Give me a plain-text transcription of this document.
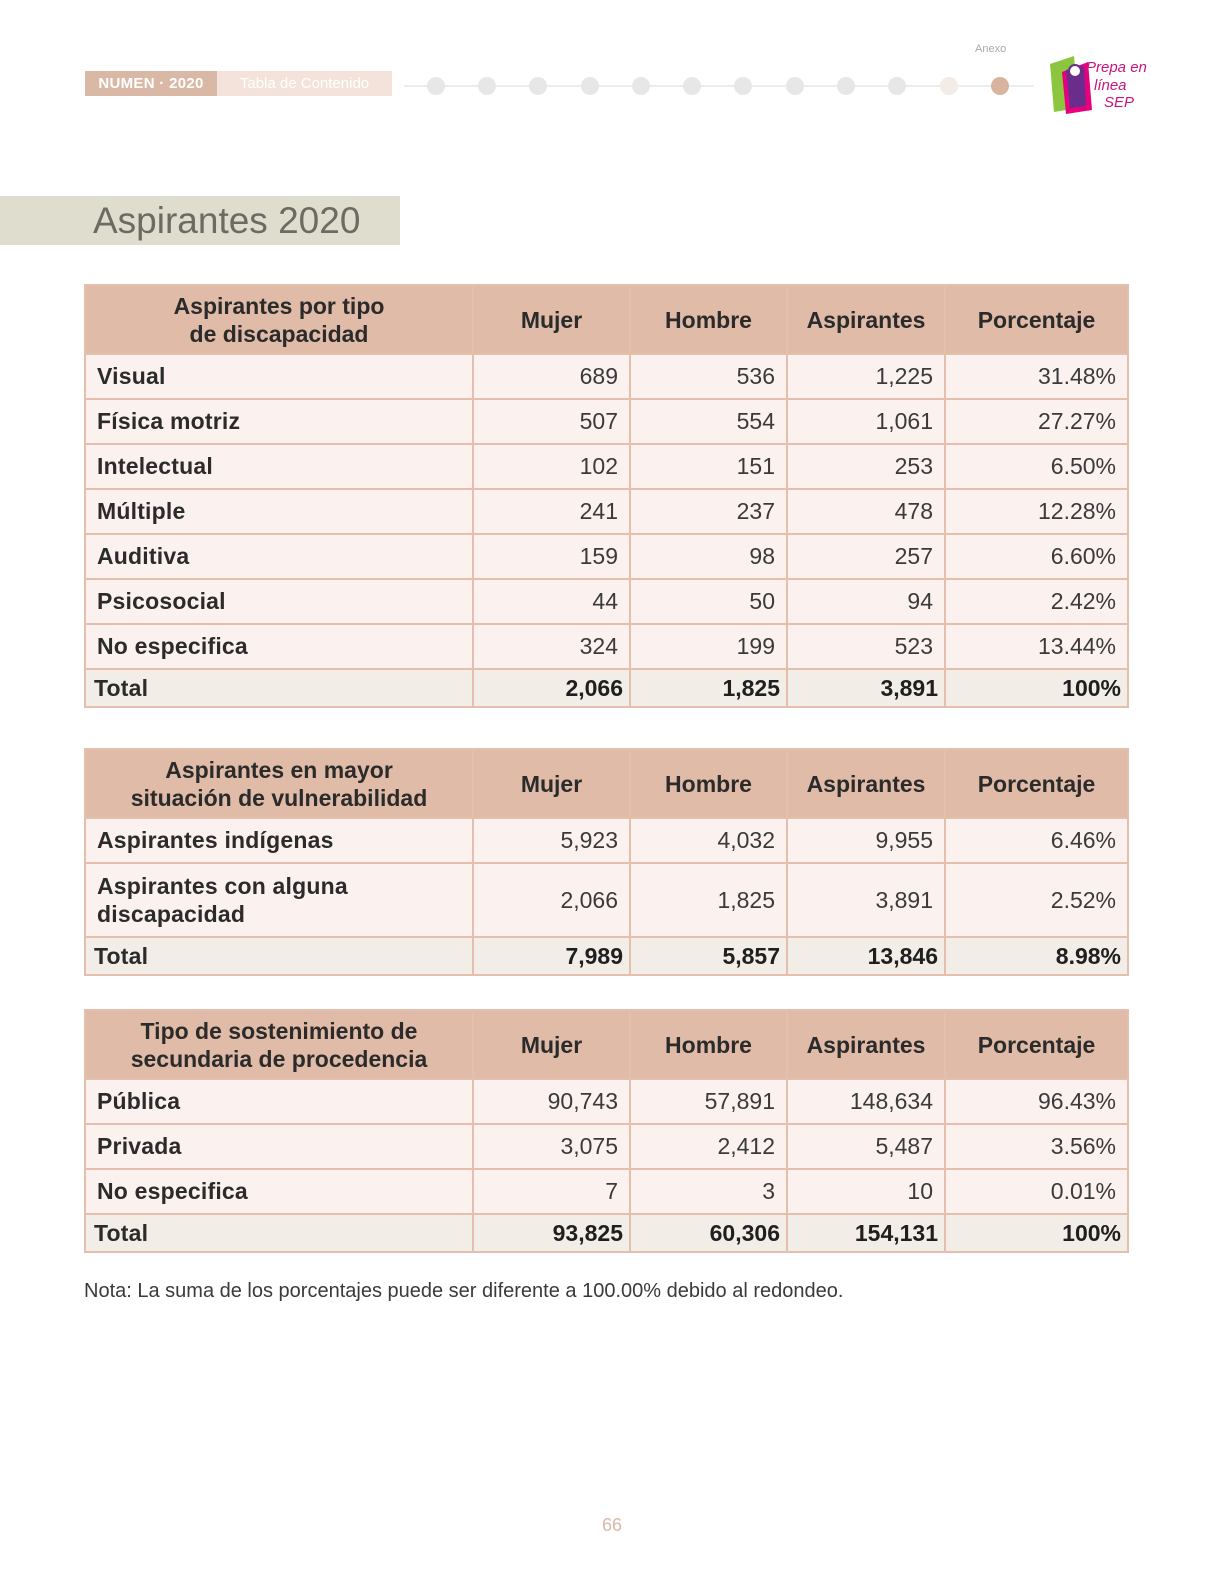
NUMEN · 2020	Tabla de Contenido
Anexo
Prepa en
línea
SEP
Aspirantes 2020
Aspirantes por tipo
de discapacidad	Mujer	Hombre	Aspirantes	Porcentaje
Visual	689	536	1,225	31.48%
Física motriz	507	554	1,061	27.27%
Intelectual	102	151	253	6.50%
Múltiple	241	237	478	12.28%
Auditiva	159	98	257	6.60%
Psicosocial	44	50	94	2.42%
No especifica	324	199	523	13.44%
Total	2,066	1,825	3,891	100%
Aspirantes en mayor
situación de vulnerabilidad	Mujer	Hombre	Aspirantes	Porcentaje
Aspirantes indígenas	5,923	4,032	9,955	6.46%
Aspirantes con alguna
discapacidad	2,066	1,825	3,891	2.52%
Total	7,989	5,857	13,846	8.98%
Tipo de sostenimiento de
secundaria de procedencia	Mujer	Hombre	Aspirantes	Porcentaje
Pública	90,743	57,891	148,634	96.43%
Privada	3,075	2,412	5,487	3.56%
No especifica	7	3	10	0.01%
Total	93,825	60,306	154,131	100%
Nota: La suma de los porcentajes puede ser diferente a 100.00% debido al redondeo.
66
